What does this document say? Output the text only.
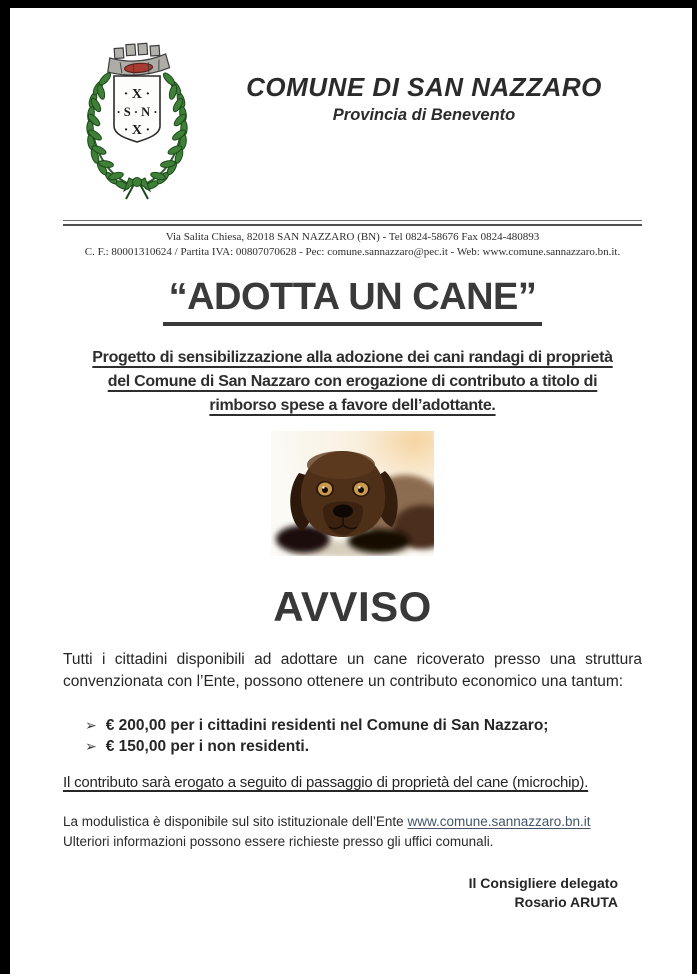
· X ·
· S · N ·
· X ·
COMUNE DI SAN NAZZARO
Provincia di Benevento
Via Salita Chiesa, 82018 SAN NAZZARO (BN) - Tel 0824-58676 Fax 0824-480893
C. F.: 80001310624 / Partita IVA: 00807070628 - Pec: comune.sannazzaro@pec.it - Web: www.comune.sannazzaro.bn.it.
“ADOTTA UN CANE”
Progetto di sensibilizzazione alla adozione dei cani randagi di proprietà
del Comune di San Nazzaro con erogazione di contributo a titolo di
rimborso spese a favore dell’adottante.
AVVISO
Tutti i cittadini disponibili ad adottare un cane ricoverato presso una struttura
convenzionata con l’Ente, possono ottenere un contributo economico una tantum:
➢ € 200,00 per i cittadini residenti nel Comune di San Nazzaro;
➢ € 150,00 per i non residenti.
Il contributo sarà erogato a seguito di passaggio di proprietà del cane (microchip).
La modulistica è disponibile sul sito istituzionale dell’Ente www.comune.sannazzaro.bn.it
Ulteriori informazioni possono essere richieste presso gli uffici comunali.
Il Consigliere delegato
Rosario ARUTA
